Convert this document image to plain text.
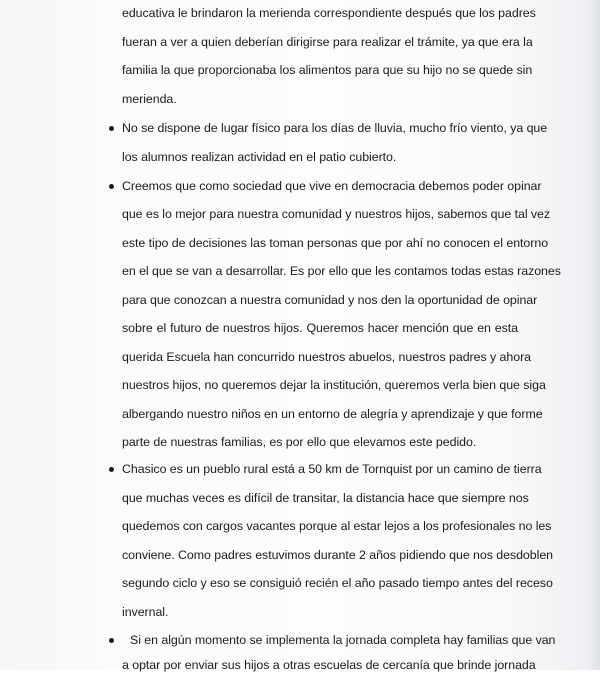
educativa le brindaron la merienda correspondiente después que los padres
fueran a ver a quien deberían dirigirse para realizar el trámite, ya que era la
familia la que proporcionaba los alimentos para que su hijo no se quede sin
merienda.
No se dispone de lugar físico para los días de lluvia, mucho frío viento, ya que
los alumnos realizan actividad en el patio cubierto.
Creemos que como sociedad que vive en democracia debemos poder opinar
que es lo mejor para nuestra comunidad y nuestros hijos, sabemos que tal vez
este tipo de decisiones las toman personas que por ahí no conocen el entorno
en el que se van a desarrollar. Es por ello que les contamos todas estas razones
para que conozcan a nuestra comunidad y nos den la oportunidad de opinar
sobre el futuro de nuestros hijos. Queremos hacer mención que en esta
querida Escuela han concurrido nuestros abuelos, nuestros padres y ahora
nuestros hijos, no queremos dejar la institución, queremos verla bien que siga
albergando nuestro niños en un entorno de alegría y aprendizaje y que forme
parte de nuestras familias, es por ello que elevamos este pedido.
Chasico es un pueblo rural está a 50 km de Tornquist por un camino de tierra
que muchas veces es difícil de transitar, la distancia hace que siempre nos
quedemos con cargos vacantes porque al estar lejos a los profesionales no les
conviene. Como padres estuvimos durante 2 años pidiendo que nos desdoblen
segundo ciclo y eso se consiguió recién el año pasado tiempo antes del receso
invernal.
Si en algún momento se implementa la jornada completa hay familias que van
a optar por enviar sus hijos a otras escuelas de cercanía que brinde jornada
